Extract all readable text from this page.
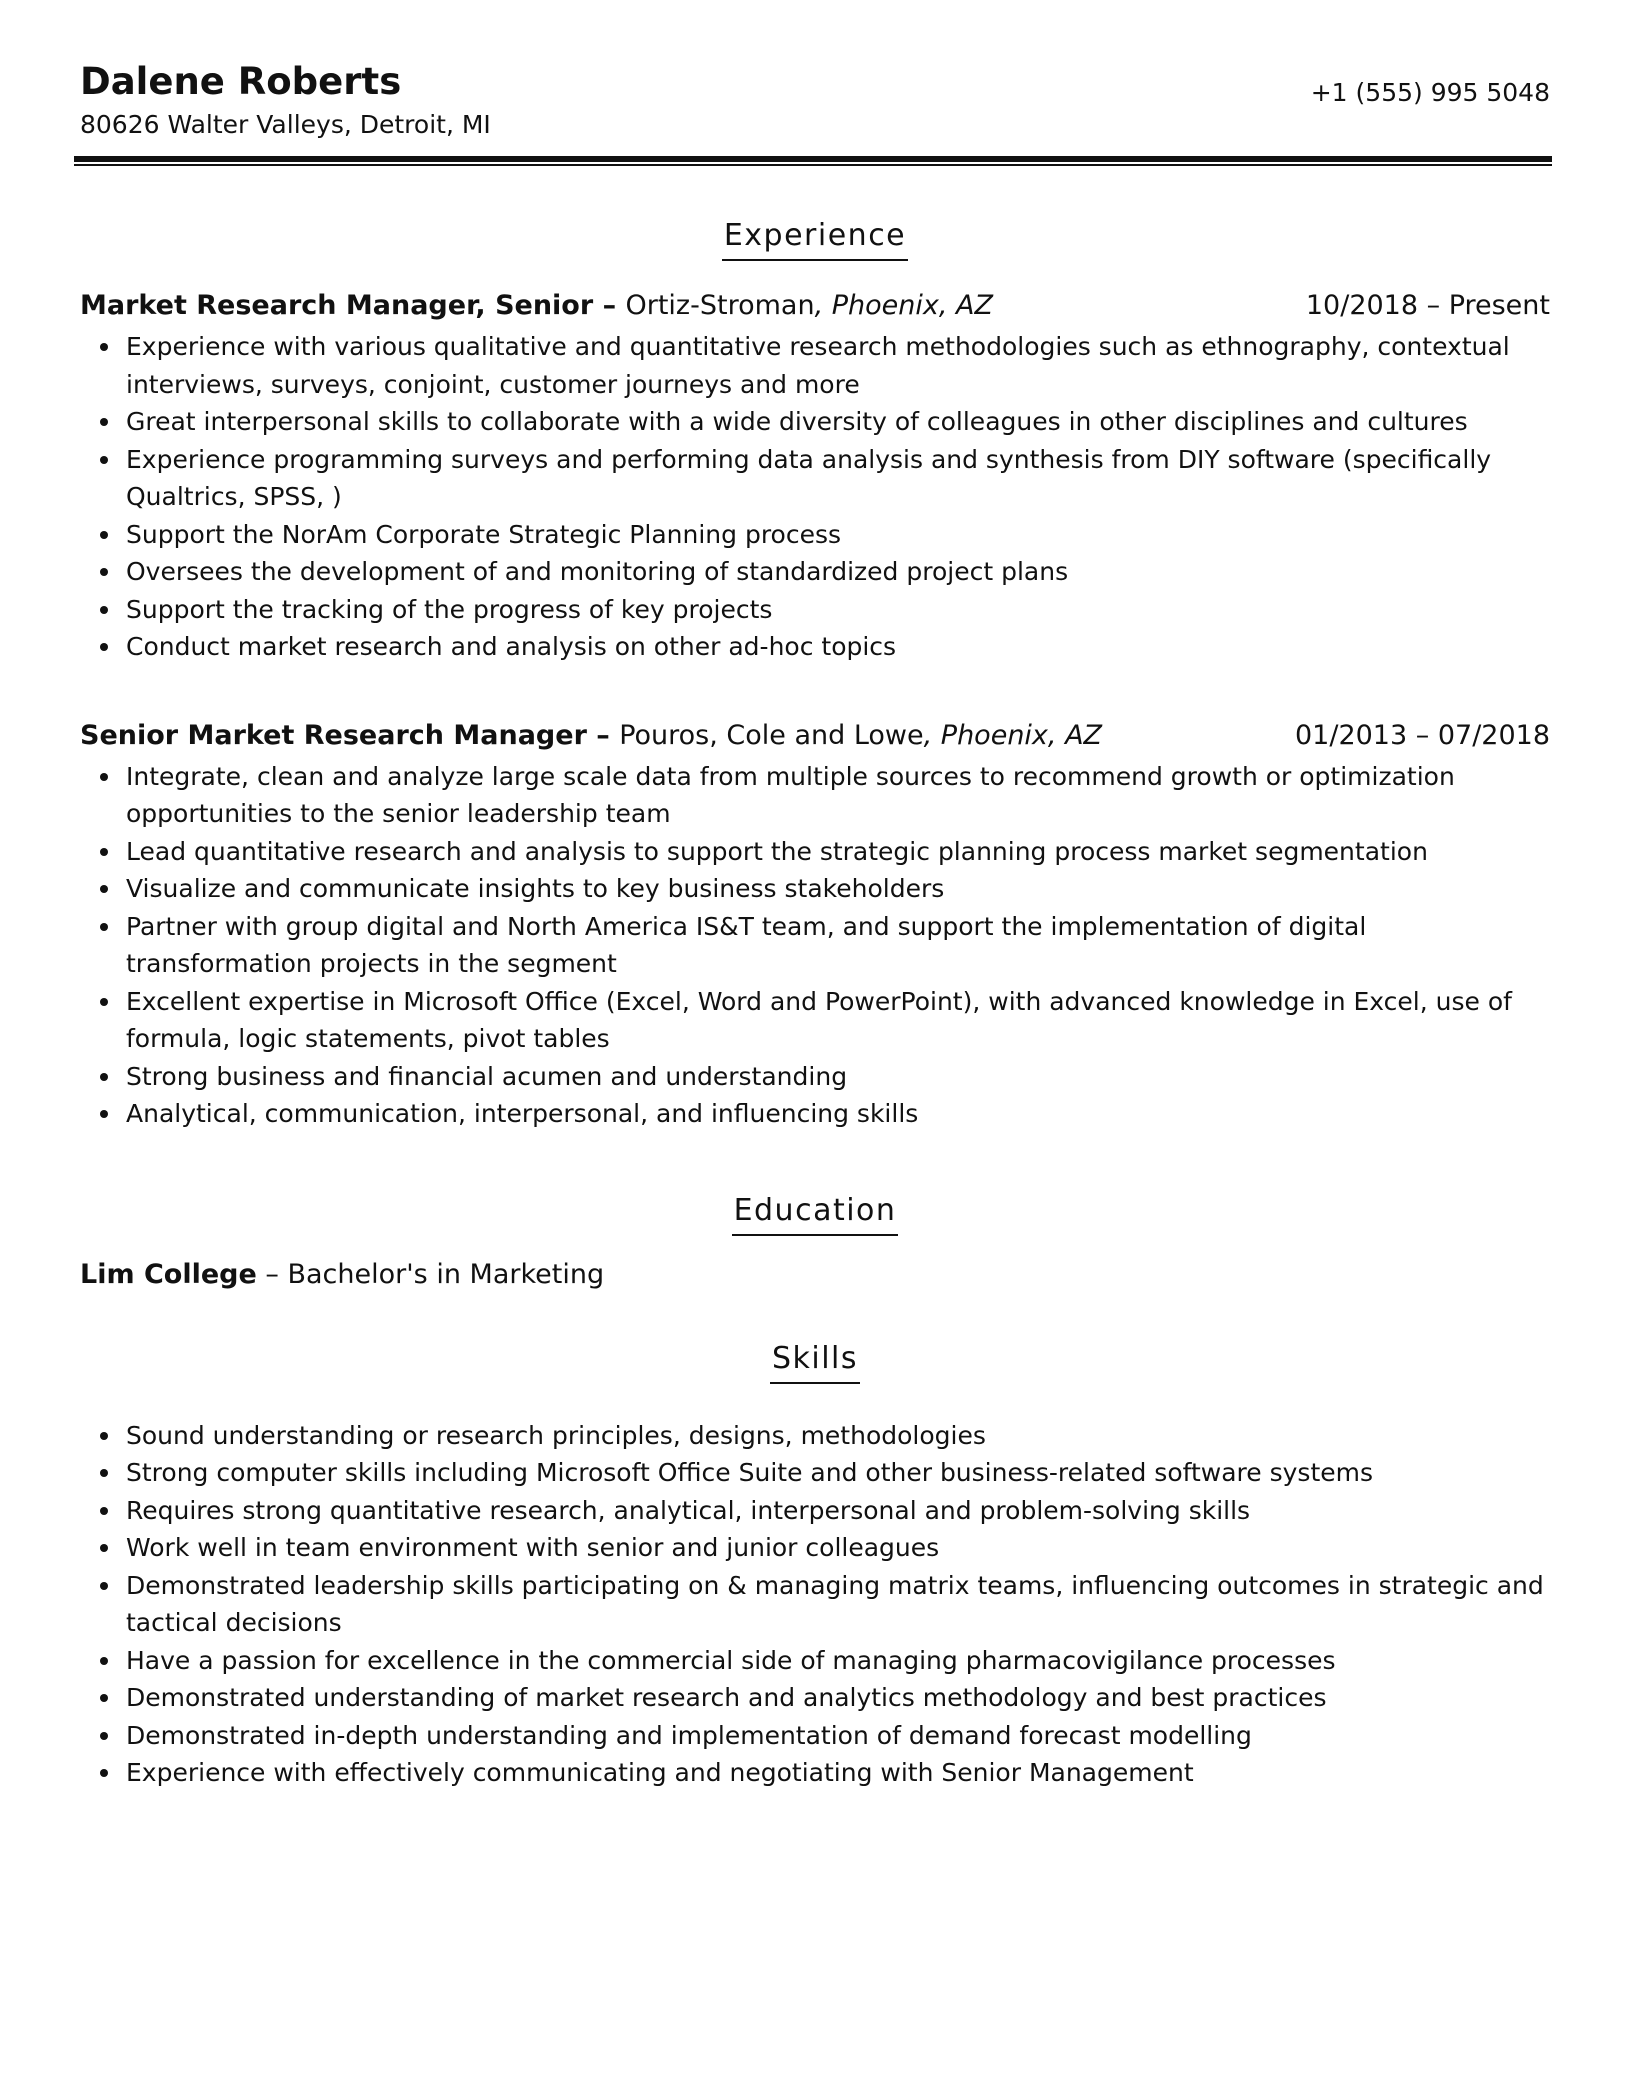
Dalene Roberts
80626 Walter Valleys, Detroit, MI
+1 (555) 995 5048
Experience
Market Research Manager, Senior – Ortiz-Stroman, Phoenix, AZ	10/2018 – Present
Experience with various qualitative and quantitative research methodologies such as ethnography, contextual interviews, surveys, conjoint, customer journeys and more
Great interpersonal skills to collaborate with a wide diversity of colleagues in other disciplines and cultures
Experience programming surveys and performing data analysis and synthesis from DIY software (specifically Qualtrics, SPSS, )
Support the NorAm Corporate Strategic Planning process
Oversees the development of and monitoring of standardized project plans
Support the tracking of the progress of key projects
Conduct market research and analysis on other ad-hoc topics
Senior Market Research Manager – Pouros, Cole and Lowe, Phoenix, AZ	01/2013 – 07/2018
Integrate, clean and analyze large scale data from multiple sources to recommend growth or optimization opportunities to the senior leadership team
Lead quantitative research and analysis to support the strategic planning process market segmentation
Visualize and communicate insights to key business stakeholders
Partner with group digital and North America IS&T team, and support the implementation of digital transformation projects in the segment
Excellent expertise in Microsoft Office (Excel, Word and PowerPoint), with advanced knowledge in Excel, use of formula, logic statements, pivot tables
Strong business and financial acumen and understanding
Analytical, communication, interpersonal, and influencing skills
Education
Lim College – Bachelor's in Marketing
Skills
Sound understanding or research principles, designs, methodologies
Strong computer skills including Microsoft Office Suite and other business-related software systems
Requires strong quantitative research, analytical, interpersonal and problem-solving skills
Work well in team environment with senior and junior colleagues
Demonstrated leadership skills participating on & managing matrix teams, influencing outcomes in strategic and tactical decisions
Have a passion for excellence in the commercial side of managing pharmacovigilance processes
Demonstrated understanding of market research and analytics methodology and best practices
Demonstrated in-depth understanding and implementation of demand forecast modelling
Experience with effectively communicating and negotiating with Senior Management
